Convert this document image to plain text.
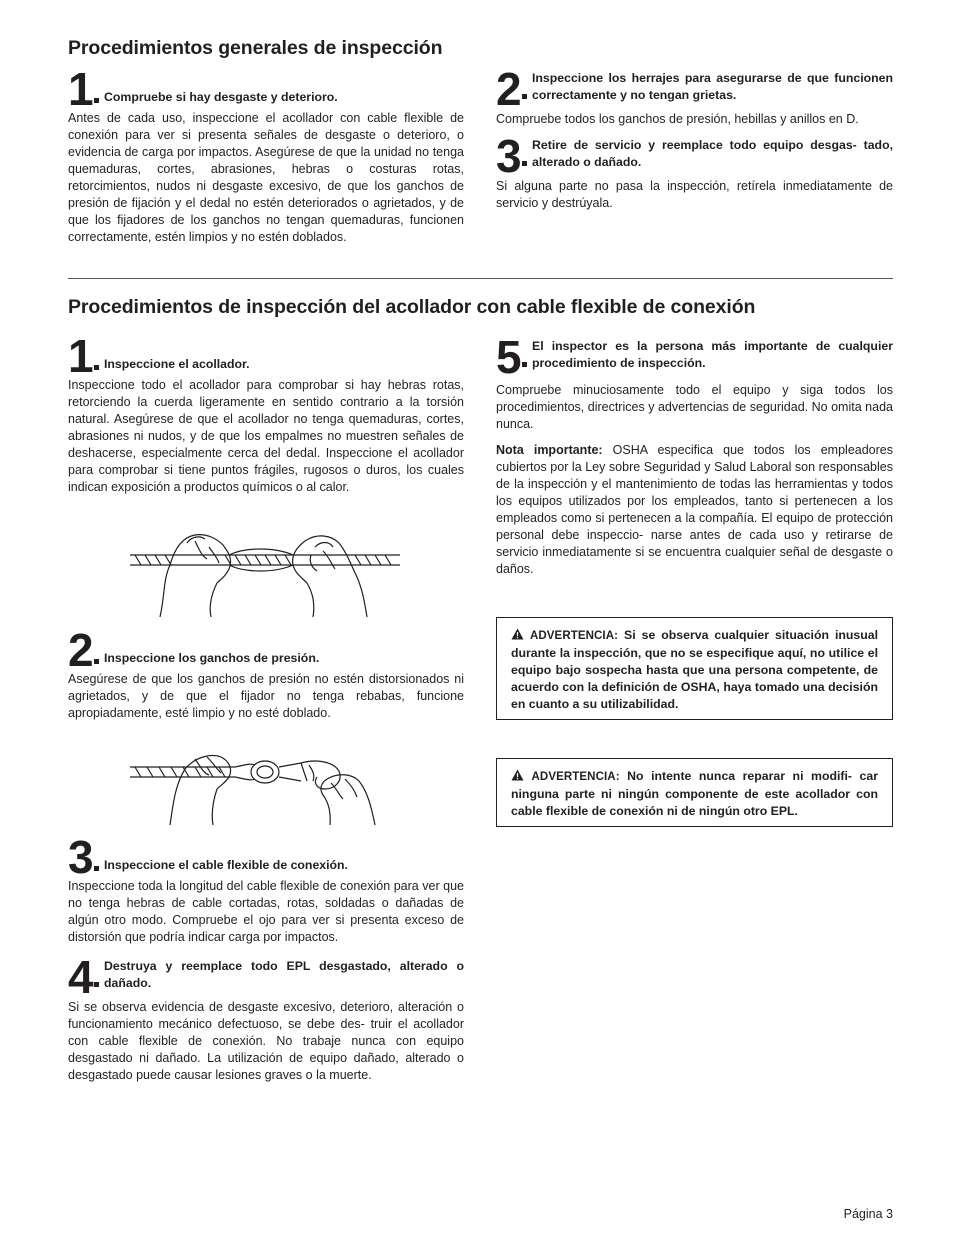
Procedimientos generales de inspección
1 Compruebe si hay desgaste y deterioro.

Antes de cada uso, inspeccione el acollador con cable flexible de conexión para ver si presenta señales de desgaste o deterioro, o evidencia de carga por impactos. Asegúrese de que la unidad no tenga quemaduras, cortes, abrasiones, hebras o costuras rotas, retorcimientos, nudos ni desgaste excesivo, de que los ganchos de presión de fijación y el dedal no estén deteriorados o agrietados, y de que los fijadores de los ganchos no tengan quemaduras, funcionen correctamente, estén limpios y no estén doblados.

2 Inspeccione los herrajes para asegurarse de que funcionen correctamente y no tengan grietas.

Compruebe todos los ganchos de presión, hebillas y anillos en D.

3 Retire de servicio y reemplace todo equipo desgas- tado, alterado o dañado.

Si alguna parte no pasa la inspección, retírela inmediatamente de servicio y destrúyala.

Procedimientos de inspección del acollador con cable flexible de conexión
1 Inspeccione el acollador.

Inspeccione todo el acollador para comprobar si hay hebras rotas, retorciendo la cuerda ligeramente en sentido contrario a la torsión natural. Asegúrese de que el acollador no tenga quemaduras, cortes, abrasiones ni nudos, y de que los empalmes no muestren señales de deshacerse, especialmente cerca del dedal. Inspeccione el acollador para comprobar si tiene puntos frágiles, rugosos o duros, los cuales indican exposición a productos químicos o al calor.

2 Inspeccione los ganchos de presión.

Asegúrese de que los ganchos de presión no estén distorsionados ni agrietados, y de que el fijador no tenga rebabas, funcione apropiadamente, esté limpio y no esté doblado.

3 Inspeccione el cable flexible de conexión.

Inspeccione toda la longitud del cable flexible de conexión para ver que no tenga hebras de cable cortadas, rotas, soldadas o dañadas de algún otro modo. Compruebe el ojo para ver si presenta exceso de distorsión que podría indicar carga por impactos.

4 Destruya y reemplace todo EPL desgastado, alterado o dañado.

Si se observa evidencia de desgaste excesivo, deterioro, alteración o funcionamiento mecánico defectuoso, se debe des- truir el acollador con cable flexible de conexión. No trabaje nunca con equipo desgastado ni dañado. La utilización de equipo dañado, alterado o desgastado puede causar lesiones graves o la muerte.

5 El inspector es la persona más importante de cualquier procedimiento de inspección.

Compruebe minuciosamente todo el equipo y siga todos los procedimientos, directrices y advertencias de seguridad. No omita nada nunca.

Nota importante: OSHA especifica que todos los empleadores cubiertos por la Ley sobre Seguridad y Salud Laboral son responsables de la inspección y el mantenimiento de todas las herramientas y todos los equipos utilizados por los empleados, tanto si pertenecen a los empleados como si pertenecen a la compañía. El equipo de protección personal debe inspeccio- narse antes de cada uso y retirarse de servicio inmediatamente si se encuentra cualquier señal de desgaste o daños.

ADVERTENCIA: Si se observa cualquier situación inusual durante la inspección, que no se especifique aquí, no utilice el equipo bajo sospecha hasta que una persona competente, de acuerdo con la definición de OSHA, haya tomado una decisión en cuanto a su utilizabilidad.
ADVERTENCIA: No intente nunca reparar ni modifi- car ninguna parte ni ningún componente de este acollador con cable flexible de conexión ni de ningún otro EPL.
Página 3
